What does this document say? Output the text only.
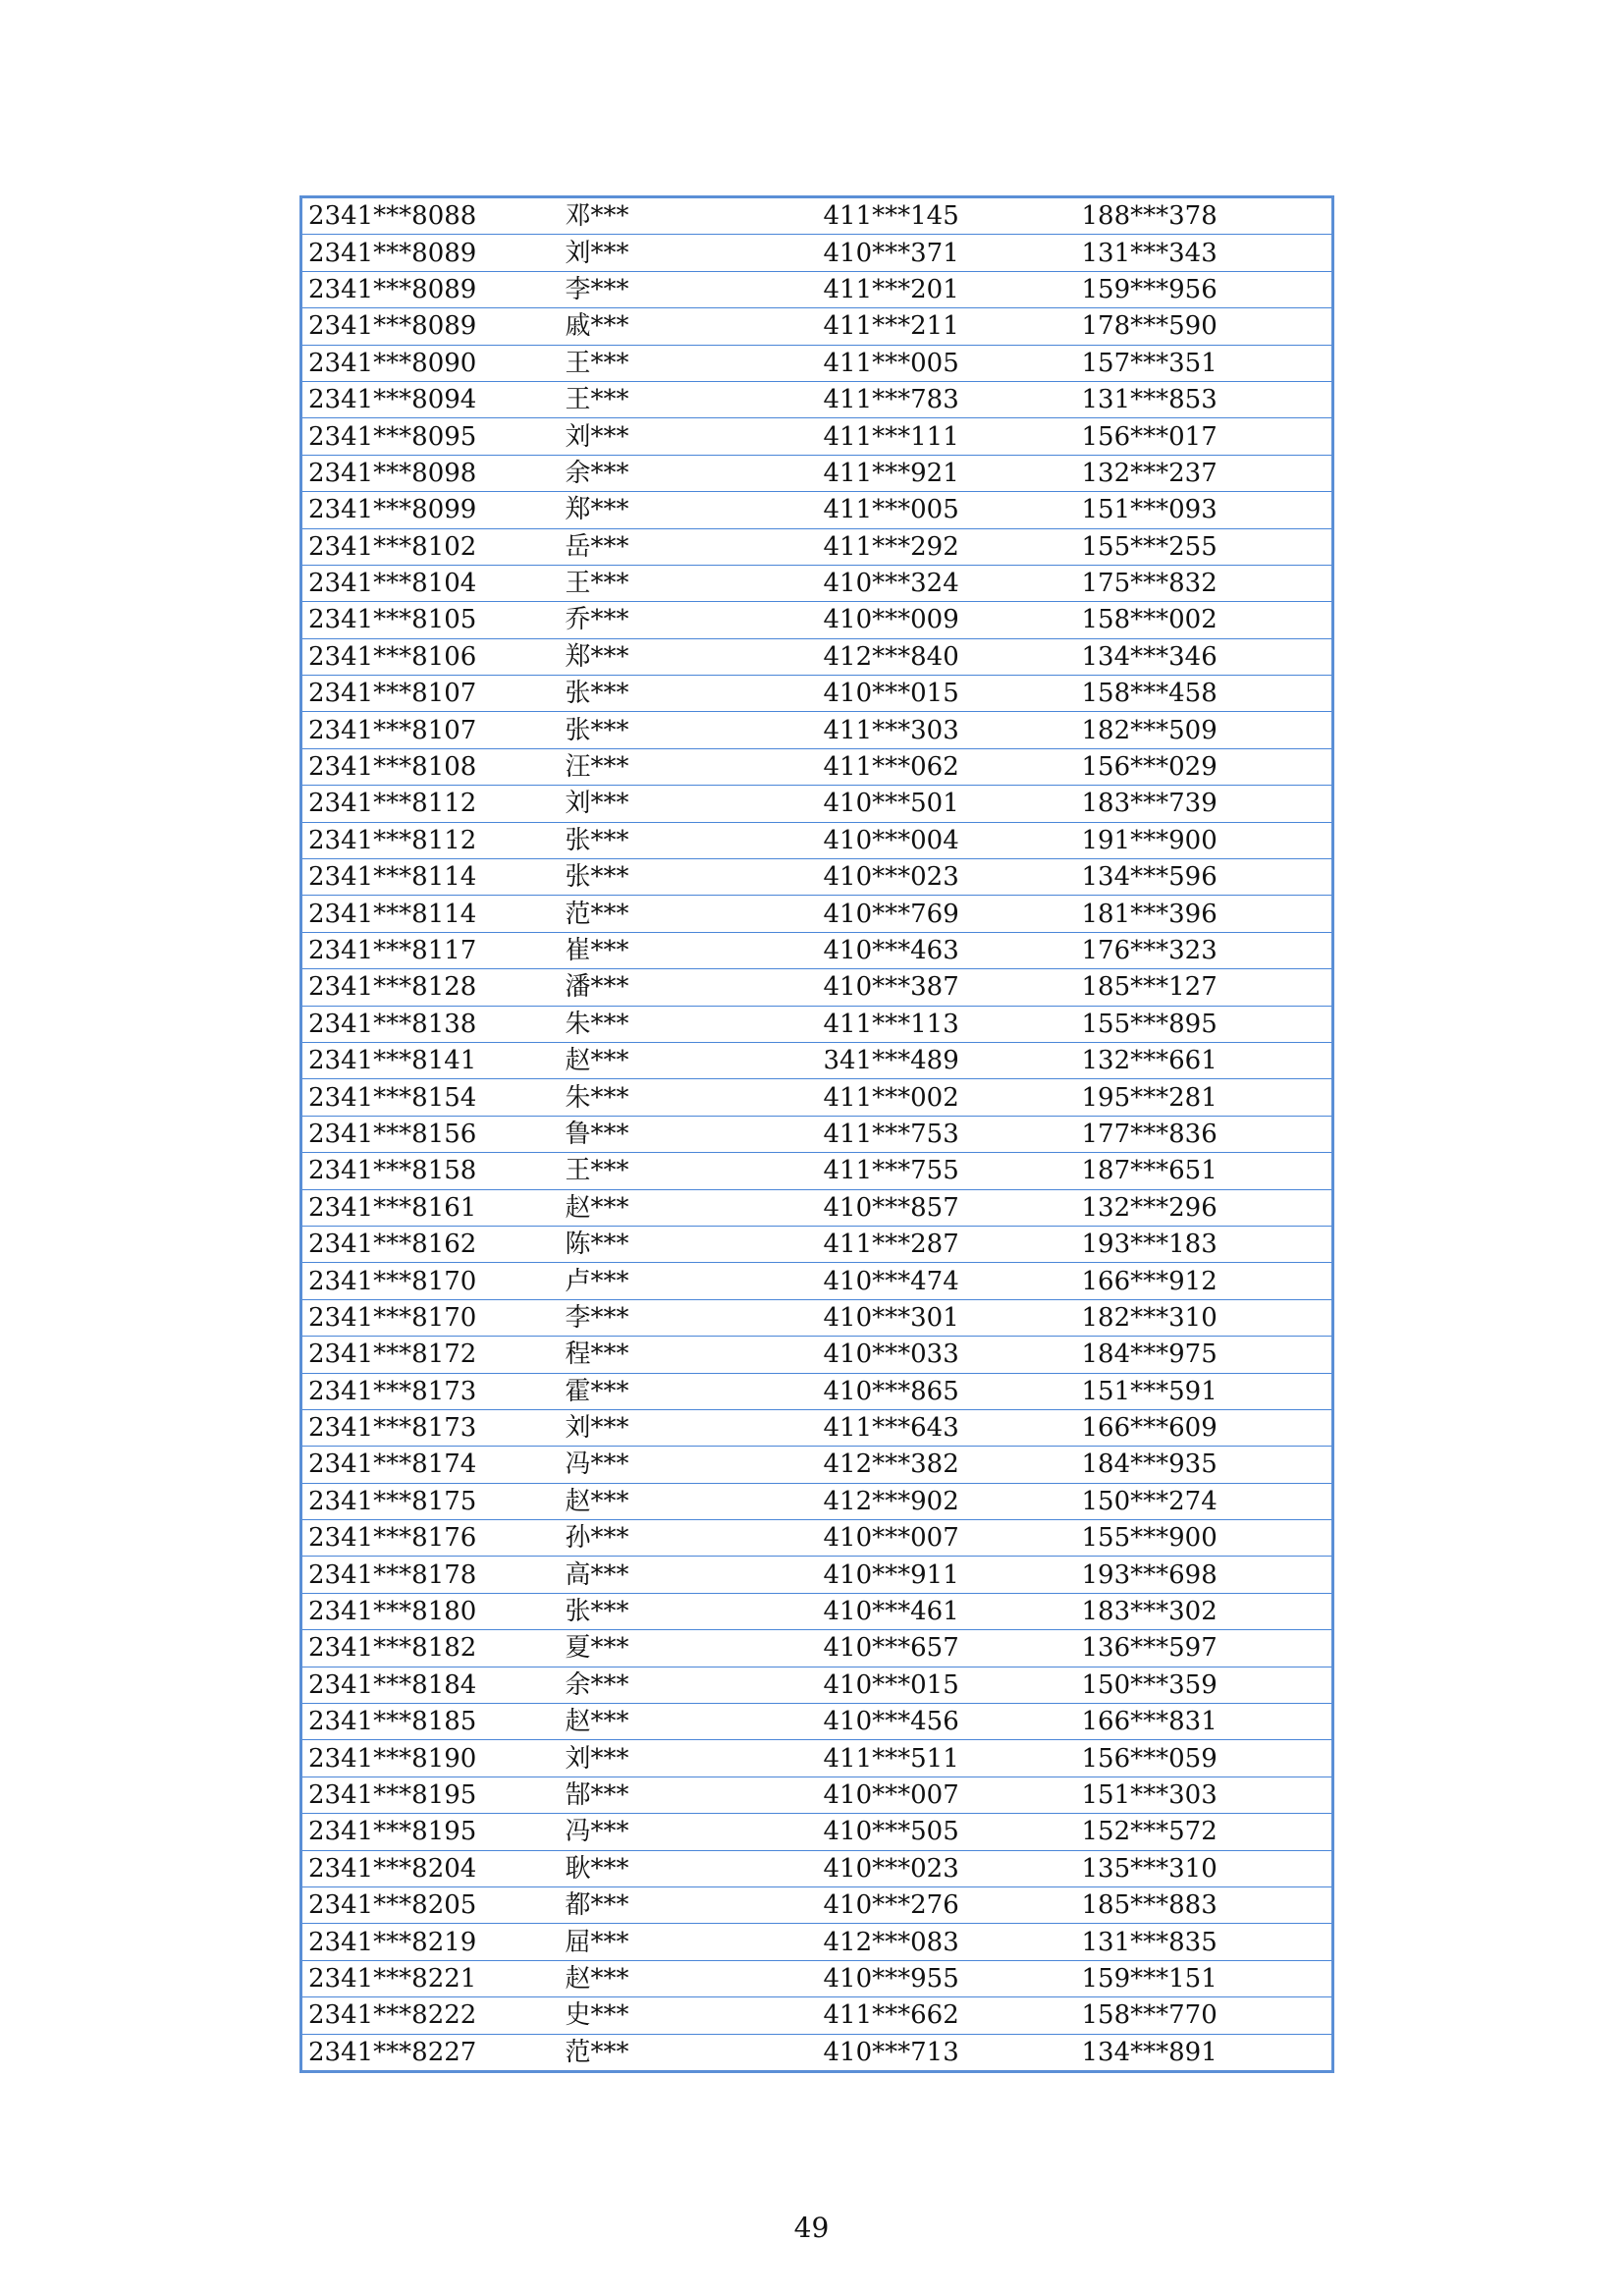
2341***8088	邓***	411***145	188***378
2341***8089	刘***	410***371	131***343
2341***8089	李***	411***201	159***956
2341***8089	戚***	411***211	178***590
2341***8090	王***	411***005	157***351
2341***8094	王***	411***783	131***853
2341***8095	刘***	411***111	156***017
2341***8098	余***	411***921	132***237
2341***8099	郑***	411***005	151***093
2341***8102	岳***	411***292	155***255
2341***8104	王***	410***324	175***832
2341***8105	乔***	410***009	158***002
2341***8106	郑***	412***840	134***346
2341***8107	张***	410***015	158***458
2341***8107	张***	411***303	182***509
2341***8108	汪***	411***062	156***029
2341***8112	刘***	410***501	183***739
2341***8112	张***	410***004	191***900
2341***8114	张***	410***023	134***596
2341***8114	范***	410***769	181***396
2341***8117	崔***	410***463	176***323
2341***8128	潘***	410***387	185***127
2341***8138	朱***	411***113	155***895
2341***8141	赵***	341***489	132***661
2341***8154	朱***	411***002	195***281
2341***8156	鲁***	411***753	177***836
2341***8158	王***	411***755	187***651
2341***8161	赵***	410***857	132***296
2341***8162	陈***	411***287	193***183
2341***8170	卢***	410***474	166***912
2341***8170	李***	410***301	182***310
2341***8172	程***	410***033	184***975
2341***8173	霍***	410***865	151***591
2341***8173	刘***	411***643	166***609
2341***8174	冯***	412***382	184***935
2341***8175	赵***	412***902	150***274
2341***8176	孙***	410***007	155***900
2341***8178	高***	410***911	193***698
2341***8180	张***	410***461	183***302
2341***8182	夏***	410***657	136***597
2341***8184	余***	410***015	150***359
2341***8185	赵***	410***456	166***831
2341***8190	刘***	411***511	156***059
2341***8195	郜***	410***007	151***303
2341***8195	冯***	410***505	152***572
2341***8204	耿***	410***023	135***310
2341***8205	都***	410***276	185***883
2341***8219	屈***	412***083	131***835
2341***8221	赵***	410***955	159***151
2341***8222	史***	411***662	158***770
2341***8227	范***	410***713	134***891
49
